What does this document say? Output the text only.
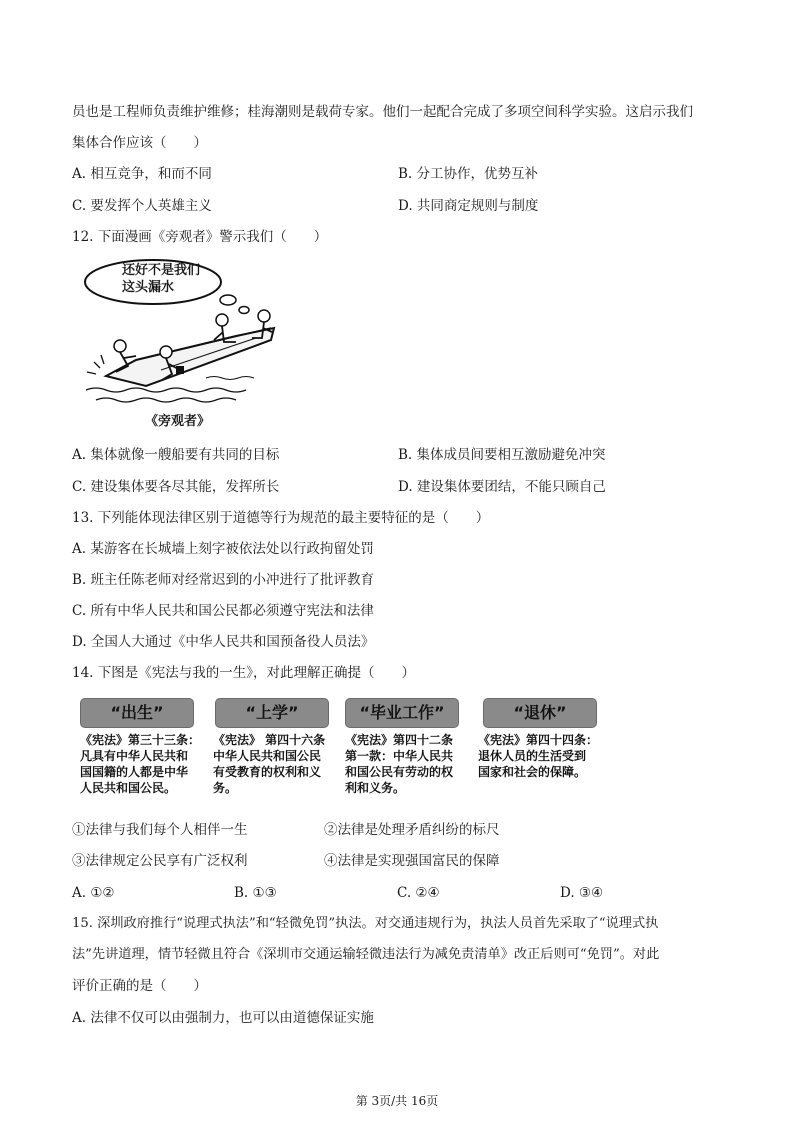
员也是工程师负责维护维修；桂海潮则是载荷专家。他们一起配合完成了多项空间科学实验。这启示我们
集体合作应该（　　）
A. 相互竞争，和而不同	B. 分工协作，优势互补
C. 要发挥个人英雄主义	D. 共同商定规则与制度
12. 下面漫画《旁观者》警示我们（　　）
还好不是我们
这头漏水
《旁观者》
A. 集体就像一艘船要有共同的目标	B. 集体成员间要相互激励避免冲突
C. 建设集体要各尽其能，发挥所长	D. 建设集体要团结，不能只顾自己
13. 下列能体现法律区别于道德等行为规范的最主要特征的是（　　）
A. 某游客在长城墙上刻字被依法处以行政拘留处罚
B. 班主任陈老师对经常迟到的小冲进行了批评教育
C. 所有中华人民共和国公民都必须遵守宪法和法律
D. 全国人大通过《中华人民共和国预备役人员法》
14. 下图是《宪法与我的一生》，对此理解正确提（　　）
“出生”	“上学”	“毕业工作”	“退休”
《宪法》第三十三条：
凡具有中华人民共和
国国籍的人都是中华
人民共和国公民。
《宪法》 第四十六条
中华人民共和国公民
有受教育的权利和义
务。
《宪法》第四十二条
第一款：中华人民共
和国公民有劳动的权
利和义务。
《宪法》第四十四条：
退休人员的生活受到
国家和社会的保障。
①法律与我们每个人相伴一生	②法律是处理矛盾纠纷的标尺
③法律规定公民享有广泛权利	④法律是实现强国富民的保障
A. ①②	B. ①③	C. ②④	D. ③④
15. 深圳政府推行“说理式执法”和“轻微免罚”执法。对交通违规行为，执法人员首先采取了“说理式执
法”先讲道理，情节轻微且符合《深圳市交通运输轻微违法行为减免责清单》改正后则可“免罚”。对此
评价正确的是（　　）
A. 法律不仅可以由强制力，也可以由道德保证实施
第 3页/共 16页
